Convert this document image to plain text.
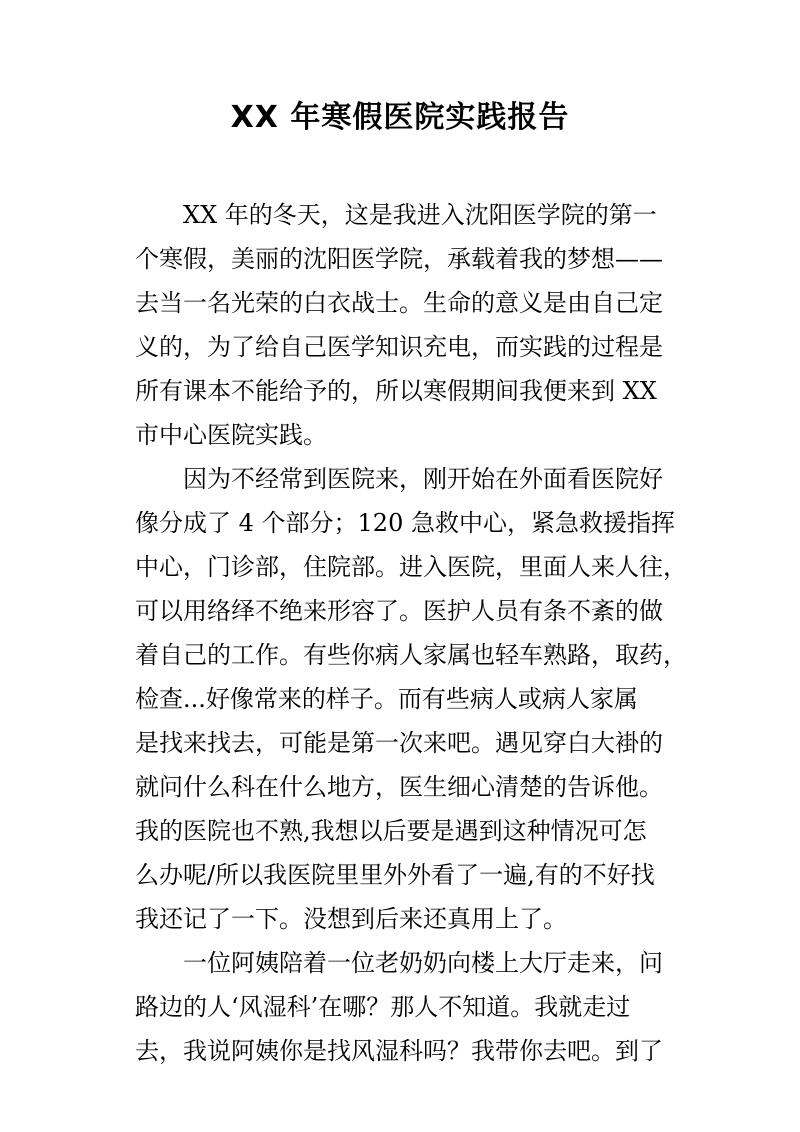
XX 年寒假医院实践报告
XX 年的冬天，这是我进入沈阳医学院的第一
个寒假，美丽的沈阳医学院，承载着我的梦想——
去当一名光荣的白衣战士。生命的意义是由自己定
义的，为了给自己医学知识充电，而实践的过程是
所有课本不能给予的，所以寒假期间我便来到 XX
市中心医院实践。
因为不经常到医院来，刚开始在外面看医院好
像分成了 4 个部分；120 急救中心，紧急救援指挥
中心，门诊部，住院部。进入医院，里面人来人往，
可以用络绎不绝来形容了。医护人员有条不紊的做
着自己的工作。有些你病人家属也轻车熟路，取药，
检查...好像常来的样子。而有些病人或病人家属
是找来找去，可能是第一次来吧。遇见穿白大褂的
就问什么科在什么地方，医生细心清楚的告诉他。
我的医院也不熟,我想以后要是遇到这种情况可怎
么办呢/所以我医院里里外外看了一遍,有的不好找
我还记了一下。没想到后来还真用上了。
一位阿姨陪着一位老奶奶向楼上大厅走来，问
路边的人‘风湿科’在哪？那人不知道。我就走过
去，我说阿姨你是找风湿科吗？我带你去吧。到了
